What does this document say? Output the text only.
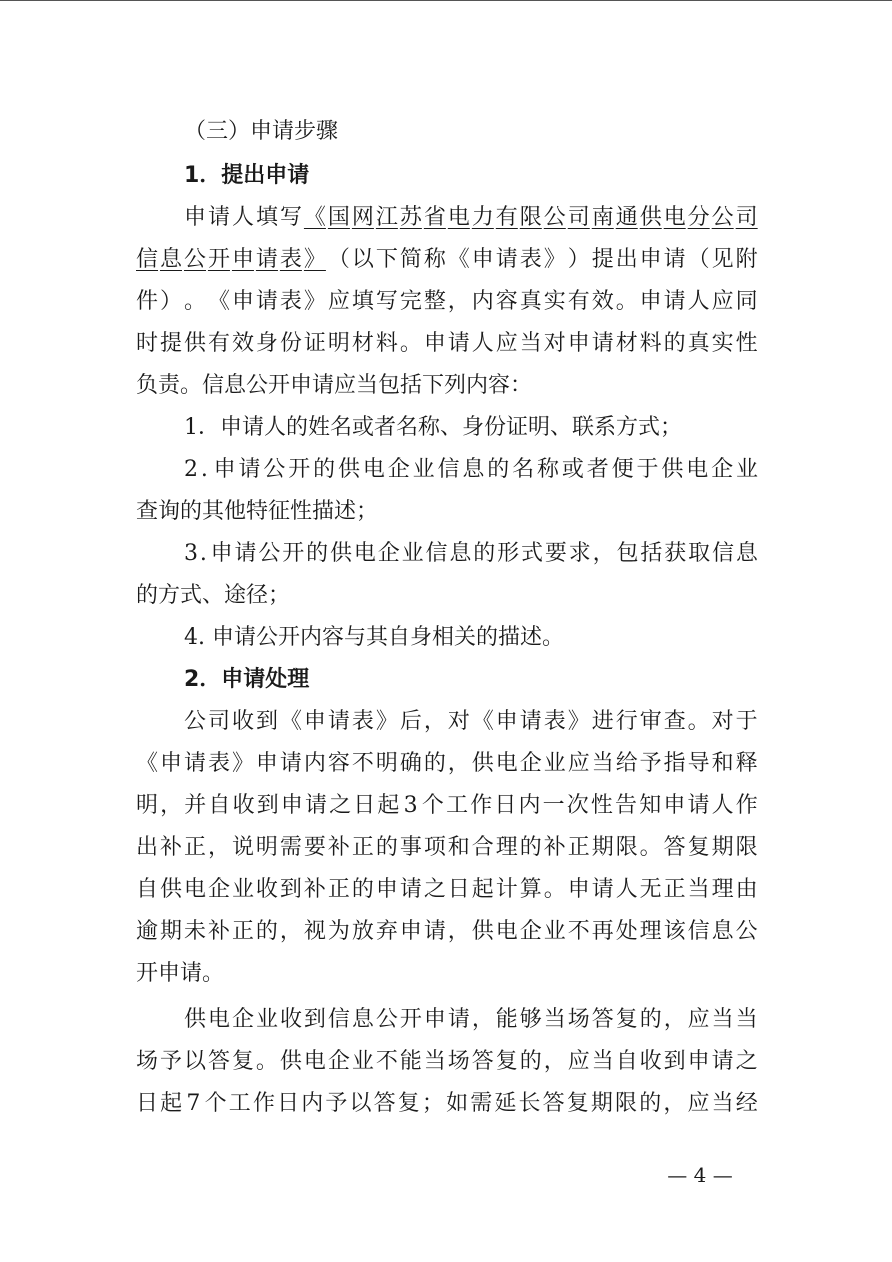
（三）申请步骤
1．提出申请
申 请 人 填 写 《 国 网 江 苏 省 电 力 有 限 公 司 南 通 供 电 分 公 司
信 息 公 开 申 请 表 》 （ 以 下 简 称 《 申 请 表 》 ） 提 出 申 请 （ 见 附
件 ） 。 《 申 请 表 》 应 填 写 完 整 ， 内 容 真 实 有 效 。 申 请 人 应 同
时 提 供 有 效 身 份 证 明 材 料 。 申 请 人 应 当 对 申 请 材 料 的 真 实 性
负责。信息公开申请应当包括下列内容：
1．申请人的姓名或者名称、身份证明、联系方式；
2 . 申 请 公 开 的 供 电 企 业 信 息 的 名 称 或 者 便 于 供 电 企 业
查询的其他特征性描述；
3 . 申 请 公 开 的 供 电 企 业 信 息 的 形 式 要 求 ， 包 括 获 取 信 息
的方式、途径；
4. 申请公开内容与其自身相关的描述。
2．申请处理
公 司 收 到 《 申 请 表 》 后 ， 对 《 申 请 表 》 进 行 审 查 。 对 于
《 申 请 表 》 申 请 内 容 不 明 确 的 ， 供 电 企 业 应 当 给 予 指 导 和 释
明 ， 并 自 收 到 申 请 之 日 起 3 个 工 作 日 内 一 次 性 告 知 申 请 人 作
出 补 正 ， 说 明 需 要 补 正 的 事 项 和 合 理 的 补 正 期 限 。 答 复 期 限
自 供 电 企 业 收 到 补 正 的 申 请 之 日 起 计 算 。 申 请 人 无 正 当 理 由
逾 期 未 补 正 的 ， 视 为 放 弃 申 请 ， 供 电 企 业 不 再 处 理 该 信 息 公
开申请。
供 电 企 业 收 到 信 息 公 开 申 请 ， 能 够 当 场 答 复 的 ， 应 当 当
场 予 以 答 复 。 供 电 企 业 不 能 当 场 答 复 的 ， 应 当 自 收 到 申 请 之
日 起 7 个 工 作 日 内 予 以 答 复 ； 如 需 延 长 答 复 期 限 的 ， 应 当 经
— 4 —
